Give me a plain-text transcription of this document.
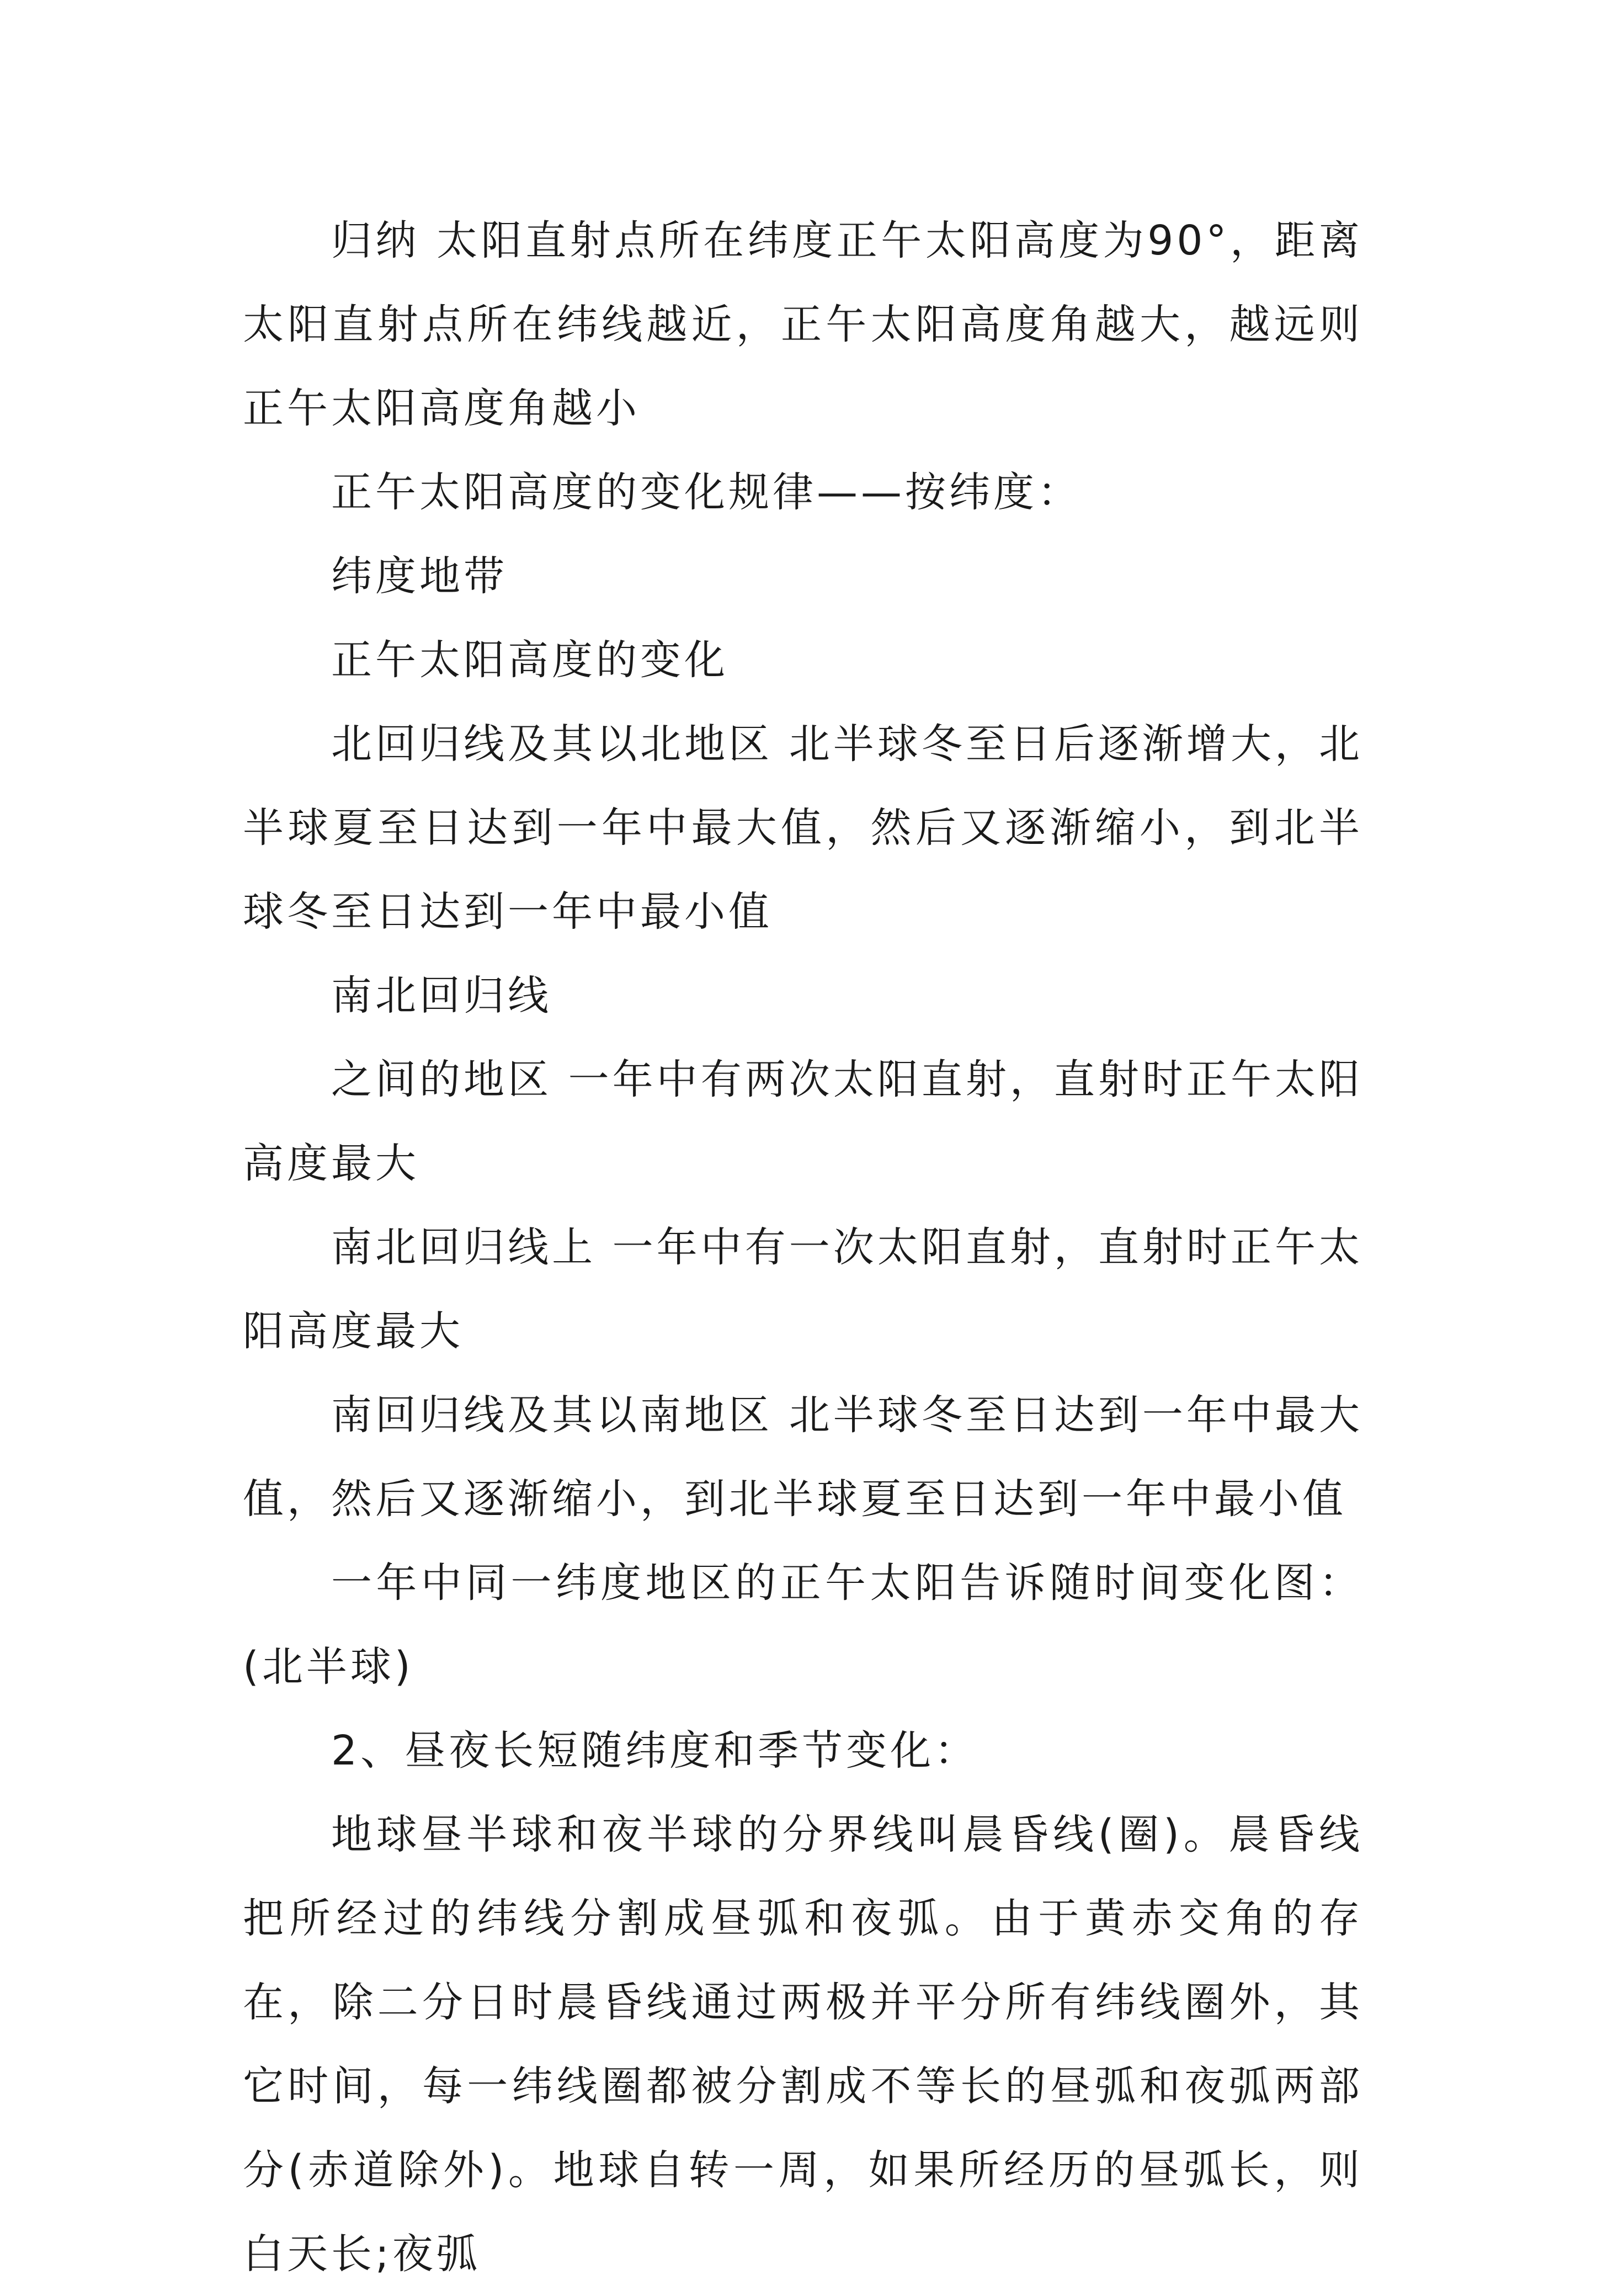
归纳 太阳直射点所在纬度正午太阳高度为90°，距离太阳直射点所在纬线越近，正午太阳高度角越大，越远则正午太阳高度角越小

正午太阳高度的变化规律——按纬度：

纬度地带

正午太阳高度的变化

北回归线及其以北地区 北半球冬至日后逐渐增大，北半球夏至日达到一年中最大值，然后又逐渐缩小，到北半球冬至日达到一年中最小值

南北回归线

之间的地区 一年中有两次太阳直射，直射时正午太阳高度最大

南北回归线上 一年中有一次太阳直射，直射时正午太阳高度最大

南回归线及其以南地区 北半球冬至日达到一年中最大值，然后又逐渐缩小，到北半球夏至日达到一年中最小值

一年中同一纬度地区的正午太阳告诉随时间变化图：(北半球)

2、昼夜长短随纬度和季节变化：

地球昼半球和夜半球的分界线叫晨昏线(圈)。晨昏线把所经过的纬线分割成昼弧和夜弧。由于黄赤交角的存在，除二分日时晨昏线通过两极并平分所有纬线圈外，其它时间，每一纬线圈都被分割成不等长的昼弧和夜弧两部分(赤道除外)。地球自转一周，如果所经历的昼弧长，则白天长;夜弧
